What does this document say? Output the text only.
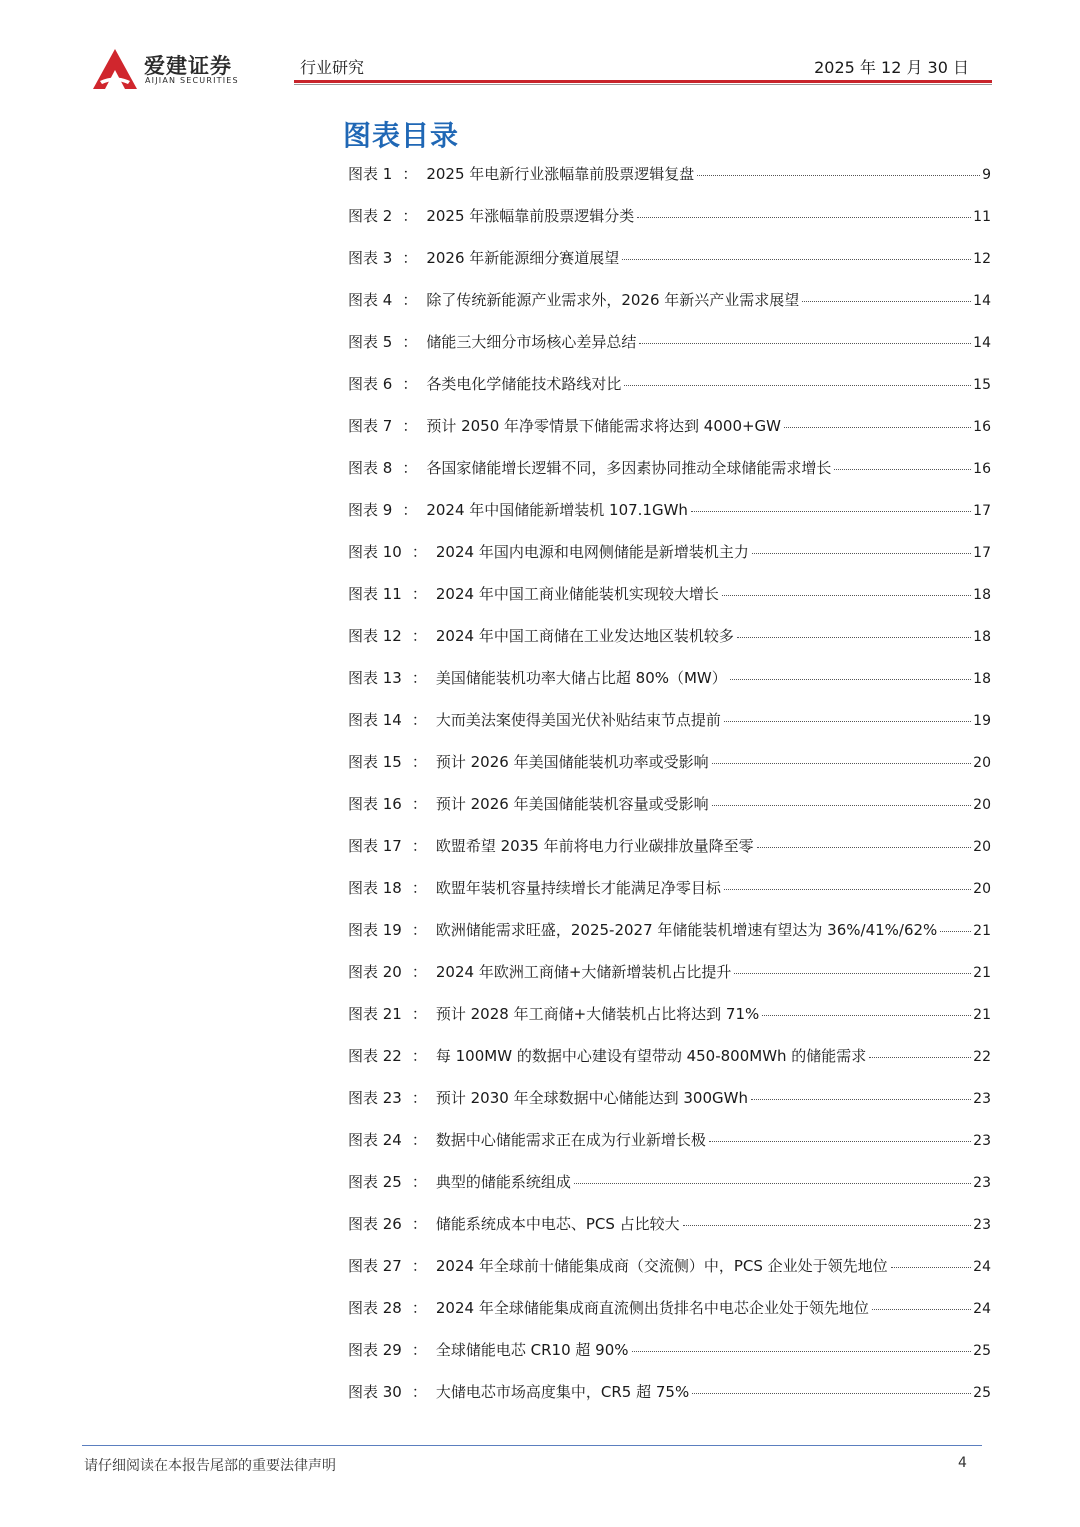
爱建证券
AIJIAN SECURITIES
行业研究	2025 年 12 月 30 日
图表目录
图表 1 ： 2025 年电新行业涨幅靠前股票逻辑复盘	9
图表 2 ： 2025 年涨幅靠前股票逻辑分类	11
图表 3 ： 2026 年新能源细分赛道展望	12
图表 4 ： 除了传统新能源产业需求外，2026 年新兴产业需求展望	14
图表 5 ： 储能三大细分市场核心差异总结	14
图表 6 ： 各类电化学储能技术路线对比	15
图表 7 ： 预计 2050 年净零情景下储能需求将达到 4000+GW	16
图表 8 ： 各国家储能增长逻辑不同，多因素协同推动全球储能需求增长	16
图表 9 ： 2024 年中国储能新增装机 107.1GWh	17
图表 10 ： 2024 年国内电源和电网侧储能是新增装机主力	17
图表 11 ： 2024 年中国工商业储能装机实现较大增长	18
图表 12 ： 2024 年中国工商储在工业发达地区装机较多	18
图表 13 ： 美国储能装机功率大储占比超 80%（MW）	18
图表 14 ： 大而美法案使得美国光伏补贴结束节点提前	19
图表 15 ： 预计 2026 年美国储能装机功率或受影响	20
图表 16 ： 预计 2026 年美国储能装机容量或受影响	20
图表 17 ： 欧盟希望 2035 年前将电力行业碳排放量降至零	20
图表 18 ： 欧盟年装机容量持续增长才能满足净零目标	20
图表 19 ： 欧洲储能需求旺盛，2025-2027 年储能装机增速有望达为 36%/41%/62%	21
图表 20 ： 2024 年欧洲工商储+大储新增装机占比提升	21
图表 21 ： 预计 2028 年工商储+大储装机占比将达到 71%	21
图表 22 ： 每 100MW 的数据中心建设有望带动 450-800MWh 的储能需求	22
图表 23 ： 预计 2030 年全球数据中心储能达到 300GWh	23
图表 24 ： 数据中心储能需求正在成为行业新增长极	23
图表 25 ： 典型的储能系统组成	23
图表 26 ： 储能系统成本中电芯、PCS 占比较大	23
图表 27 ： 2024 年全球前十储能集成商（交流侧）中，PCS 企业处于领先地位	24
图表 28 ： 2024 年全球储能集成商直流侧出货排名中电芯企业处于领先地位	24
图表 29 ： 全球储能电芯 CR10 超 90%	25
图表 30 ： 大储电芯市场高度集中，CR5 超 75%	25
请仔细阅读在本报告尾部的重要法律声明	4
